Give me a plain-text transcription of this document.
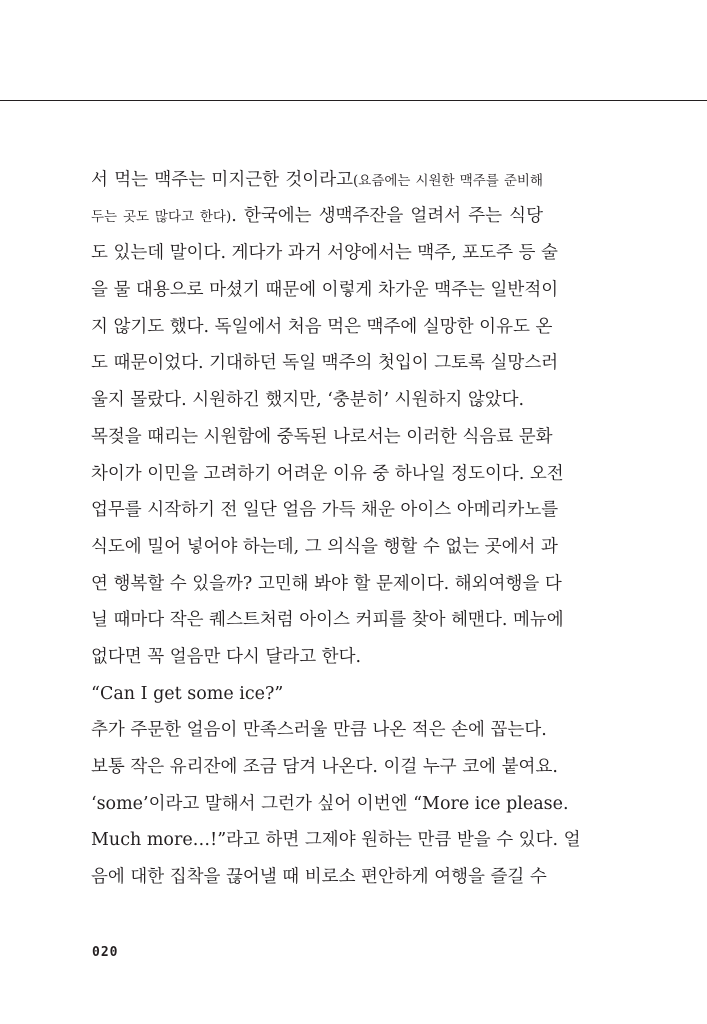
서 먹는 맥주는 미지근한 것이라고(요즘에는 시원한 맥주를 준비해
두는 곳도 많다고 한다). 한국에는 생맥주잔을 얼려서 주는 식당
도 있는데 말이다. 게다가 과거 서양에서는 맥주, 포도주 등 술
을 물 대용으로 마셨기 때문에 이렇게 차가운 맥주는 일반적이
지 않기도 했다. 독일에서 처음 먹은 맥주에 실망한 이유도 온
도 때문이었다. 기대하던 독일 맥주의 첫입이 그토록 실망스러
울지 몰랐다. 시원하긴 했지만, ‘충분히’ 시원하지 않았다.
목젖을 때리는 시원함에 중독된 나로서는 이러한 식음료 문화
차이가 이민을 고려하기 어려운 이유 중 하나일 정도이다. 오전
업무를 시작하기 전 일단 얼음 가득 채운 아이스 아메리카노를
식도에 밀어 넣어야 하는데, 그 의식을 행할 수 없는 곳에서 과
연 행복할 수 있을까? 고민해 봐야 할 문제이다. 해외여행을 다
닐 때마다 작은 퀘스트처럼 아이스 커피를 찾아 헤맨다. 메뉴에
없다면 꼭 얼음만 다시 달라고 한다.
“Can I get some ice?”
추가 주문한 얼음이 만족스러울 만큼 나온 적은 손에 꼽는다.
보통 작은 유리잔에 조금 담겨 나온다. 이걸 누구 코에 붙여요.
‘some’이라고 말해서 그런가 싶어 이번엔 “More ice please.
Much more…!”라고 하면 그제야 원하는 만큼 받을 수 있다. 얼
음에 대한 집착을 끊어낼 때 비로소 편안하게 여행을 즐길 수
020
